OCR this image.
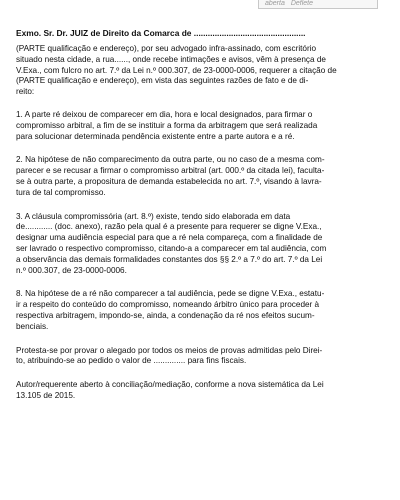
aberta Deflete
Exmo. Sr. Dr. JUIZ de Direito da Comarca de ................................................

(PARTE qualificação e endereço), por seu advogado infra-assinado, com escritório
situado nesta cidade, a rua......, onde recebe intimações e avisos, vêm à presença de
V.Exa., com fulcro no art. 7.º da Lei n.º 000.307, de 23-0000-0006, requerer a citação de
(PARTE qualificação e endereço), em vista das seguintes razões de fato e de di-
reito:

1. A parte ré deixou de comparecer em dia, hora e local designados, para firmar o
compromisso arbitral, a fim de se instituir a forma da arbitragem que será realizada
para solucionar determinada pendência existente entre a parte autora e a ré.

2. Na hipótese de não comparecimento da outra parte, ou no caso de a mesma com-
parecer e se recusar a firmar o compromisso arbitral (art. 000.º da citada lei), faculta-
se à outra parte, a propositura de demanda estabelecida no art. 7.º, visando à lavra-
tura de tal compromisso.

3. A cláusula compromissória (art. 8.º) existe, tendo sido elaborada em data
de............ (doc. anexo), razão pela qual é a presente para requerer se digne V.Exa.,
designar uma audiência especial para que a ré nela compareça, com a finalidade de
ser lavrado o respectivo compromisso, citando-a a comparecer em tal audiência, com
a observância das demais formalidades constantes dos §§ 2.º a 7.º do art. 7.º da Lei
n.º 000.307, de 23-0000-0006.

8. Na hipótese de a ré não comparecer a tal audiência, pede se digne V.Exa., estatu-
ir a respeito do conteúdo do compromisso, nomeando árbitro único para proceder à
respectiva arbitragem, impondo-se, ainda, a condenação da ré nos efeitos sucum-
benciais.

Protesta-se por provar o alegado por todos os meios de provas admitidas pelo Direi-
to, atribuindo-se ao pedido o valor de .............. para fins fiscais.

Autor/requerente aberto à conciliação/mediação, conforme a nova sistemática da Lei
13.105 de 2015.
